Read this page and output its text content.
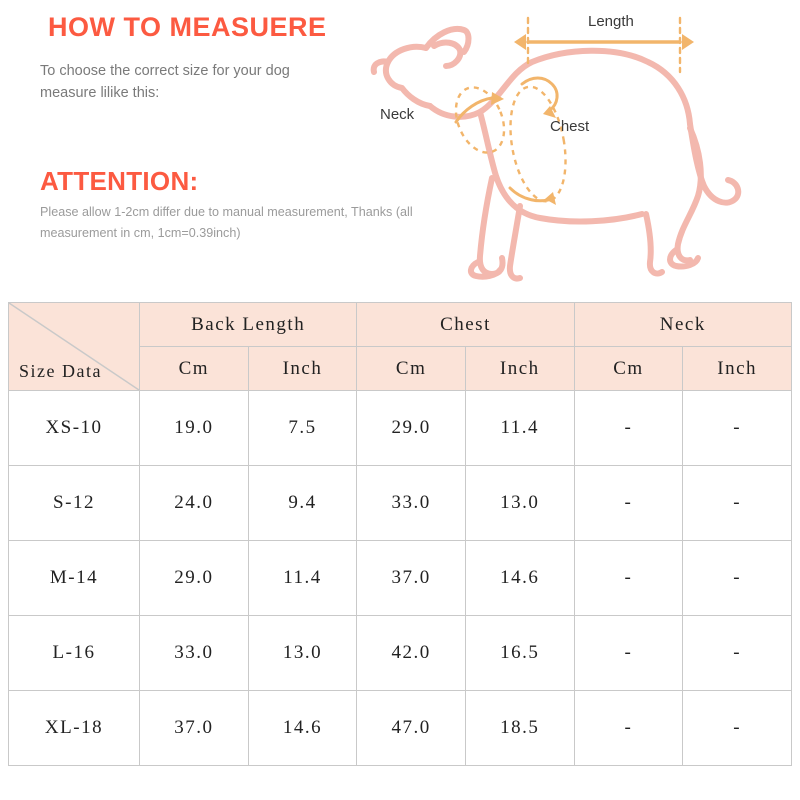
HOW TO MEASUERE
To choose the correct size for your dog measure lilike this:
ATTENTION:
Please allow 1-2cm differ due to manual measurement, Thanks (all measurement in cm, 1cm=0.39inch)
Length
Neck
Chest
Size Data	Back Length		Chest		Neck	
	Cm	Inch	Cm	Inch	Cm	Inch
XS-10	19.0	7.5	29.0	11.4	-	-
S-12	24.0	9.4	33.0	13.0	-	-
M-14	29.0	11.4	37.0	14.6	-	-
L-16	33.0	13.0	42.0	16.5	-	-
XL-18	37.0	14.6	47.0	18.5	-	-
